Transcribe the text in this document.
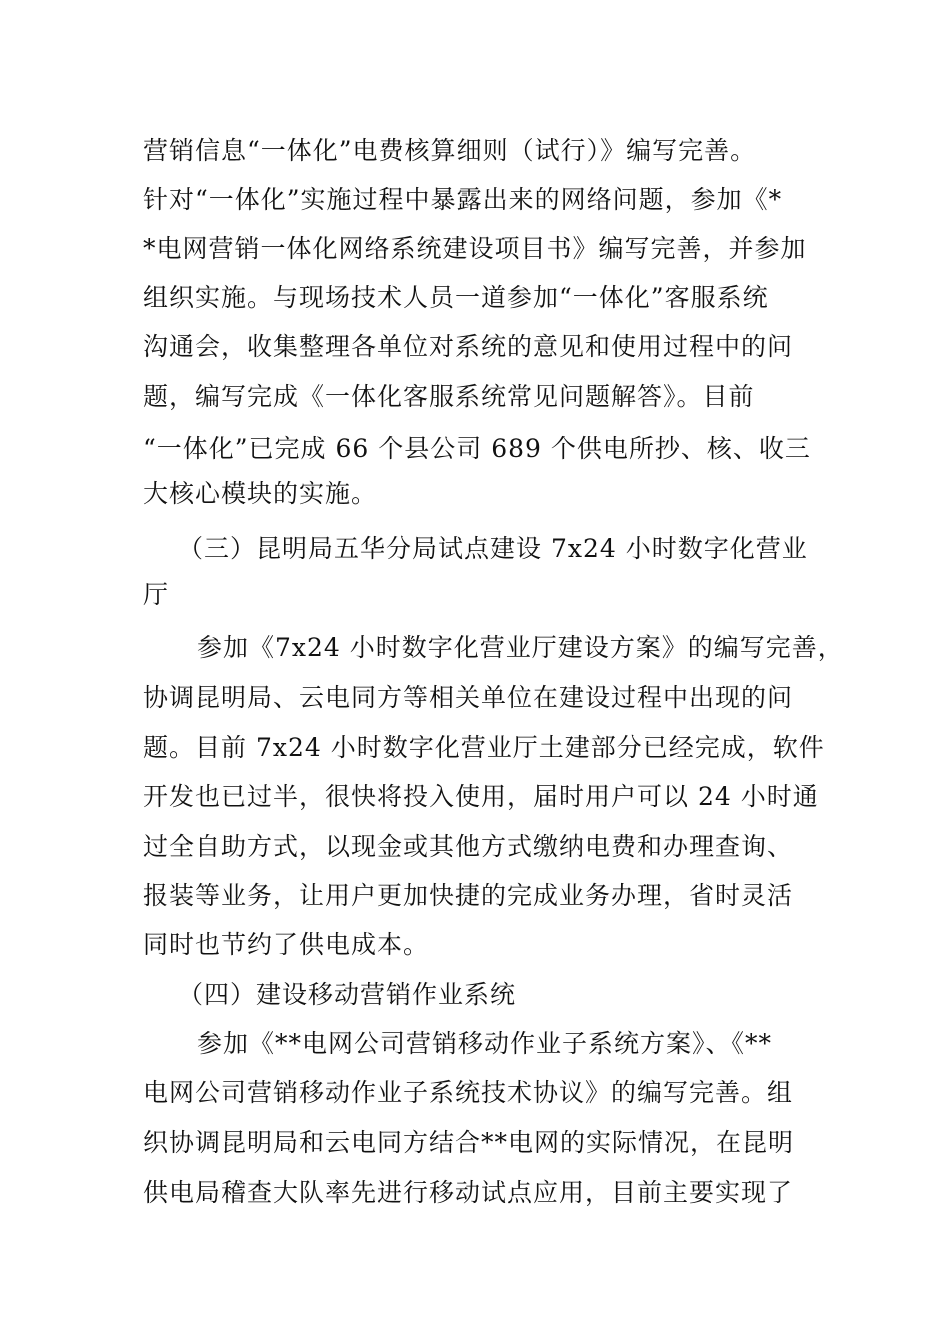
营销信息“一体化”电费核算细则（试行）》编写完善。
针对“一体化”实施过程中暴露出来的网络问题，参加《*
*电网营销一体化网络系统建设项目书》编写完善，并参加
组织实施。与现场技术人员一道参加“一体化”客服系统
沟通会，收集整理各单位对系统的意见和使用过程中的问
题，编写完成《一体化客服系统常见问题解答》。目前
“一体化”已完成 66 个县公司 689 个供电所抄、核、收三
大核心模块的实施。
（三）昆明局五华分局试点建设 7x24 小时数字化营业
厅
参加《7x24 小时数字化营业厅建设方案》的编写完善，
协调昆明局、云电同方等相关单位在建设过程中出现的问
题。目前 7x24 小时数字化营业厅土建部分已经完成，软件
开发也已过半，很快将投入使用，届时用户可以 24 小时通
过全自助方式，以现金或其他方式缴纳电费和办理查询、
报装等业务，让用户更加快捷的完成业务办理，省时灵活
同时也节约了供电成本。
（四）建设移动营销作业系统
参加《**电网公司营销移动作业子系统方案》、《**
电网公司营销移动作业子系统技术协议》的编写完善。组
织协调昆明局和云电同方结合**电网的实际情况，在昆明
供电局稽查大队率先进行移动试点应用，目前主要实现了
